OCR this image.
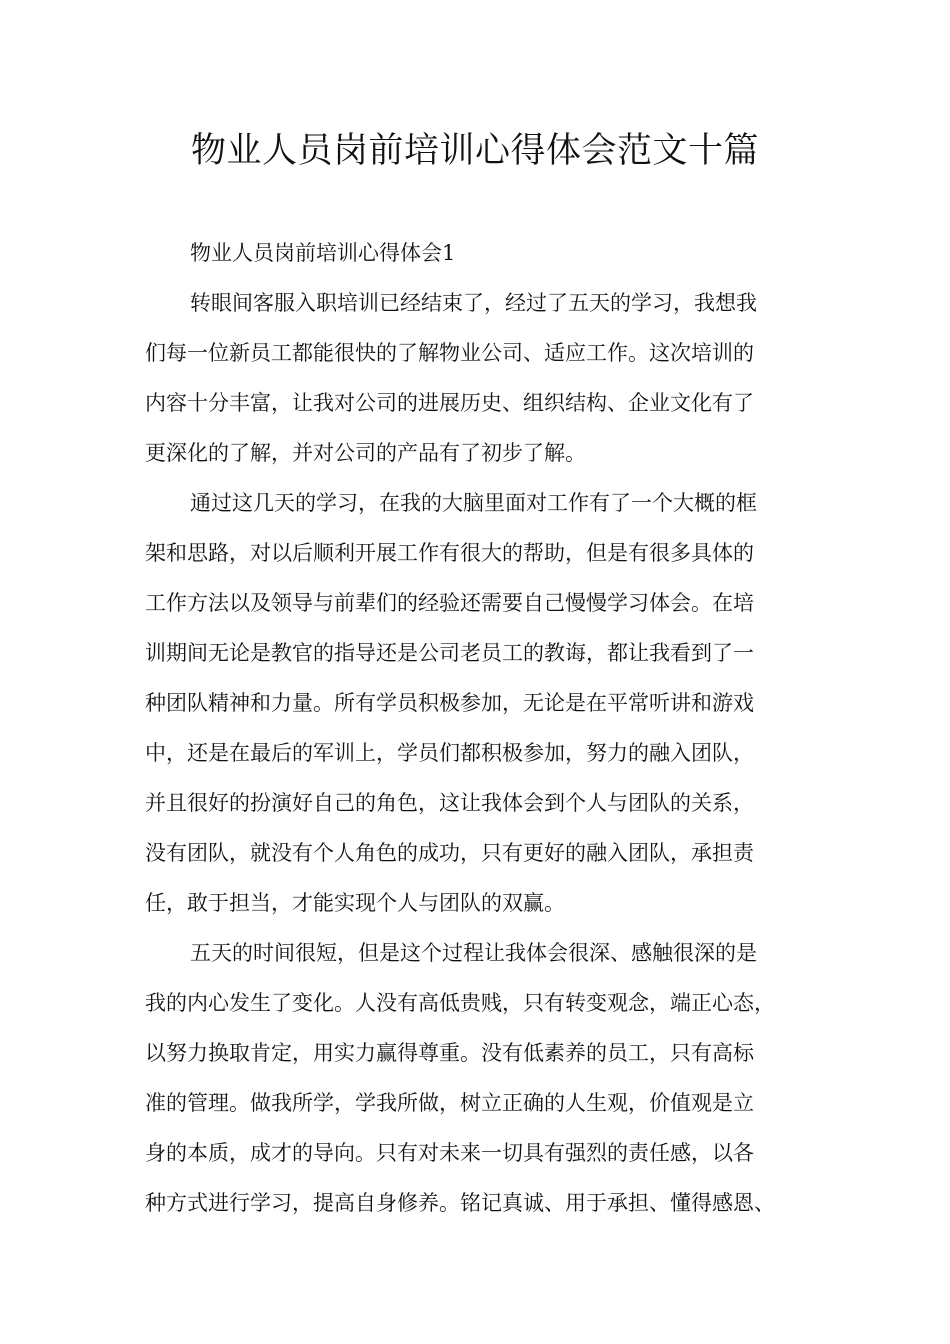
物业人员岗前培训心得体会范文十篇

物业人员岗前培训心得体会1

转眼间客服入职培训已经结束了，经过了五天的学习，我想我
们每一位新员工都能很快的了解物业公司、适应工作。这次培训的
内容十分丰富，让我对公司的进展历史、组织结构、企业文化有了
更深化的了解，并对公司的产品有了初步了解。

通过这几天的学习，在我的大脑里面对工作有了一个大概的框
架和思路，对以后顺利开展工作有很大的帮助，但是有很多具体的
工作方法以及领导与前辈们的经验还需要自己慢慢学习体会。在培
训期间无论是教官的指导还是公司老员工的教诲，都让我看到了一
种团队精神和力量。所有学员积极参加，无论是在平常听讲和游戏
中，还是在最后的军训上，学员们都积极参加，努力的融入团队，
并且很好的扮演好自己的角色，这让我体会到个人与团队的关系，
没有团队，就没有个人角色的成功，只有更好的融入团队，承担责
任，敢于担当，才能实现个人与团队的双赢。

五天的时间很短，但是这个过程让我体会很深、感触很深的是
我的内心发生了变化。人没有高低贵贱，只有转变观念，端正心态，
以努力换取肯定，用实力赢得尊重。没有低素养的员工，只有高标
准的管理。做我所学，学我所做，树立正确的人生观，价值观是立
身的本质，成才的导向。只有对未来一切具有强烈的责任感，以各
种方式进行学习，提高自身修养。铭记真诚、用于承担、懂得感恩、
